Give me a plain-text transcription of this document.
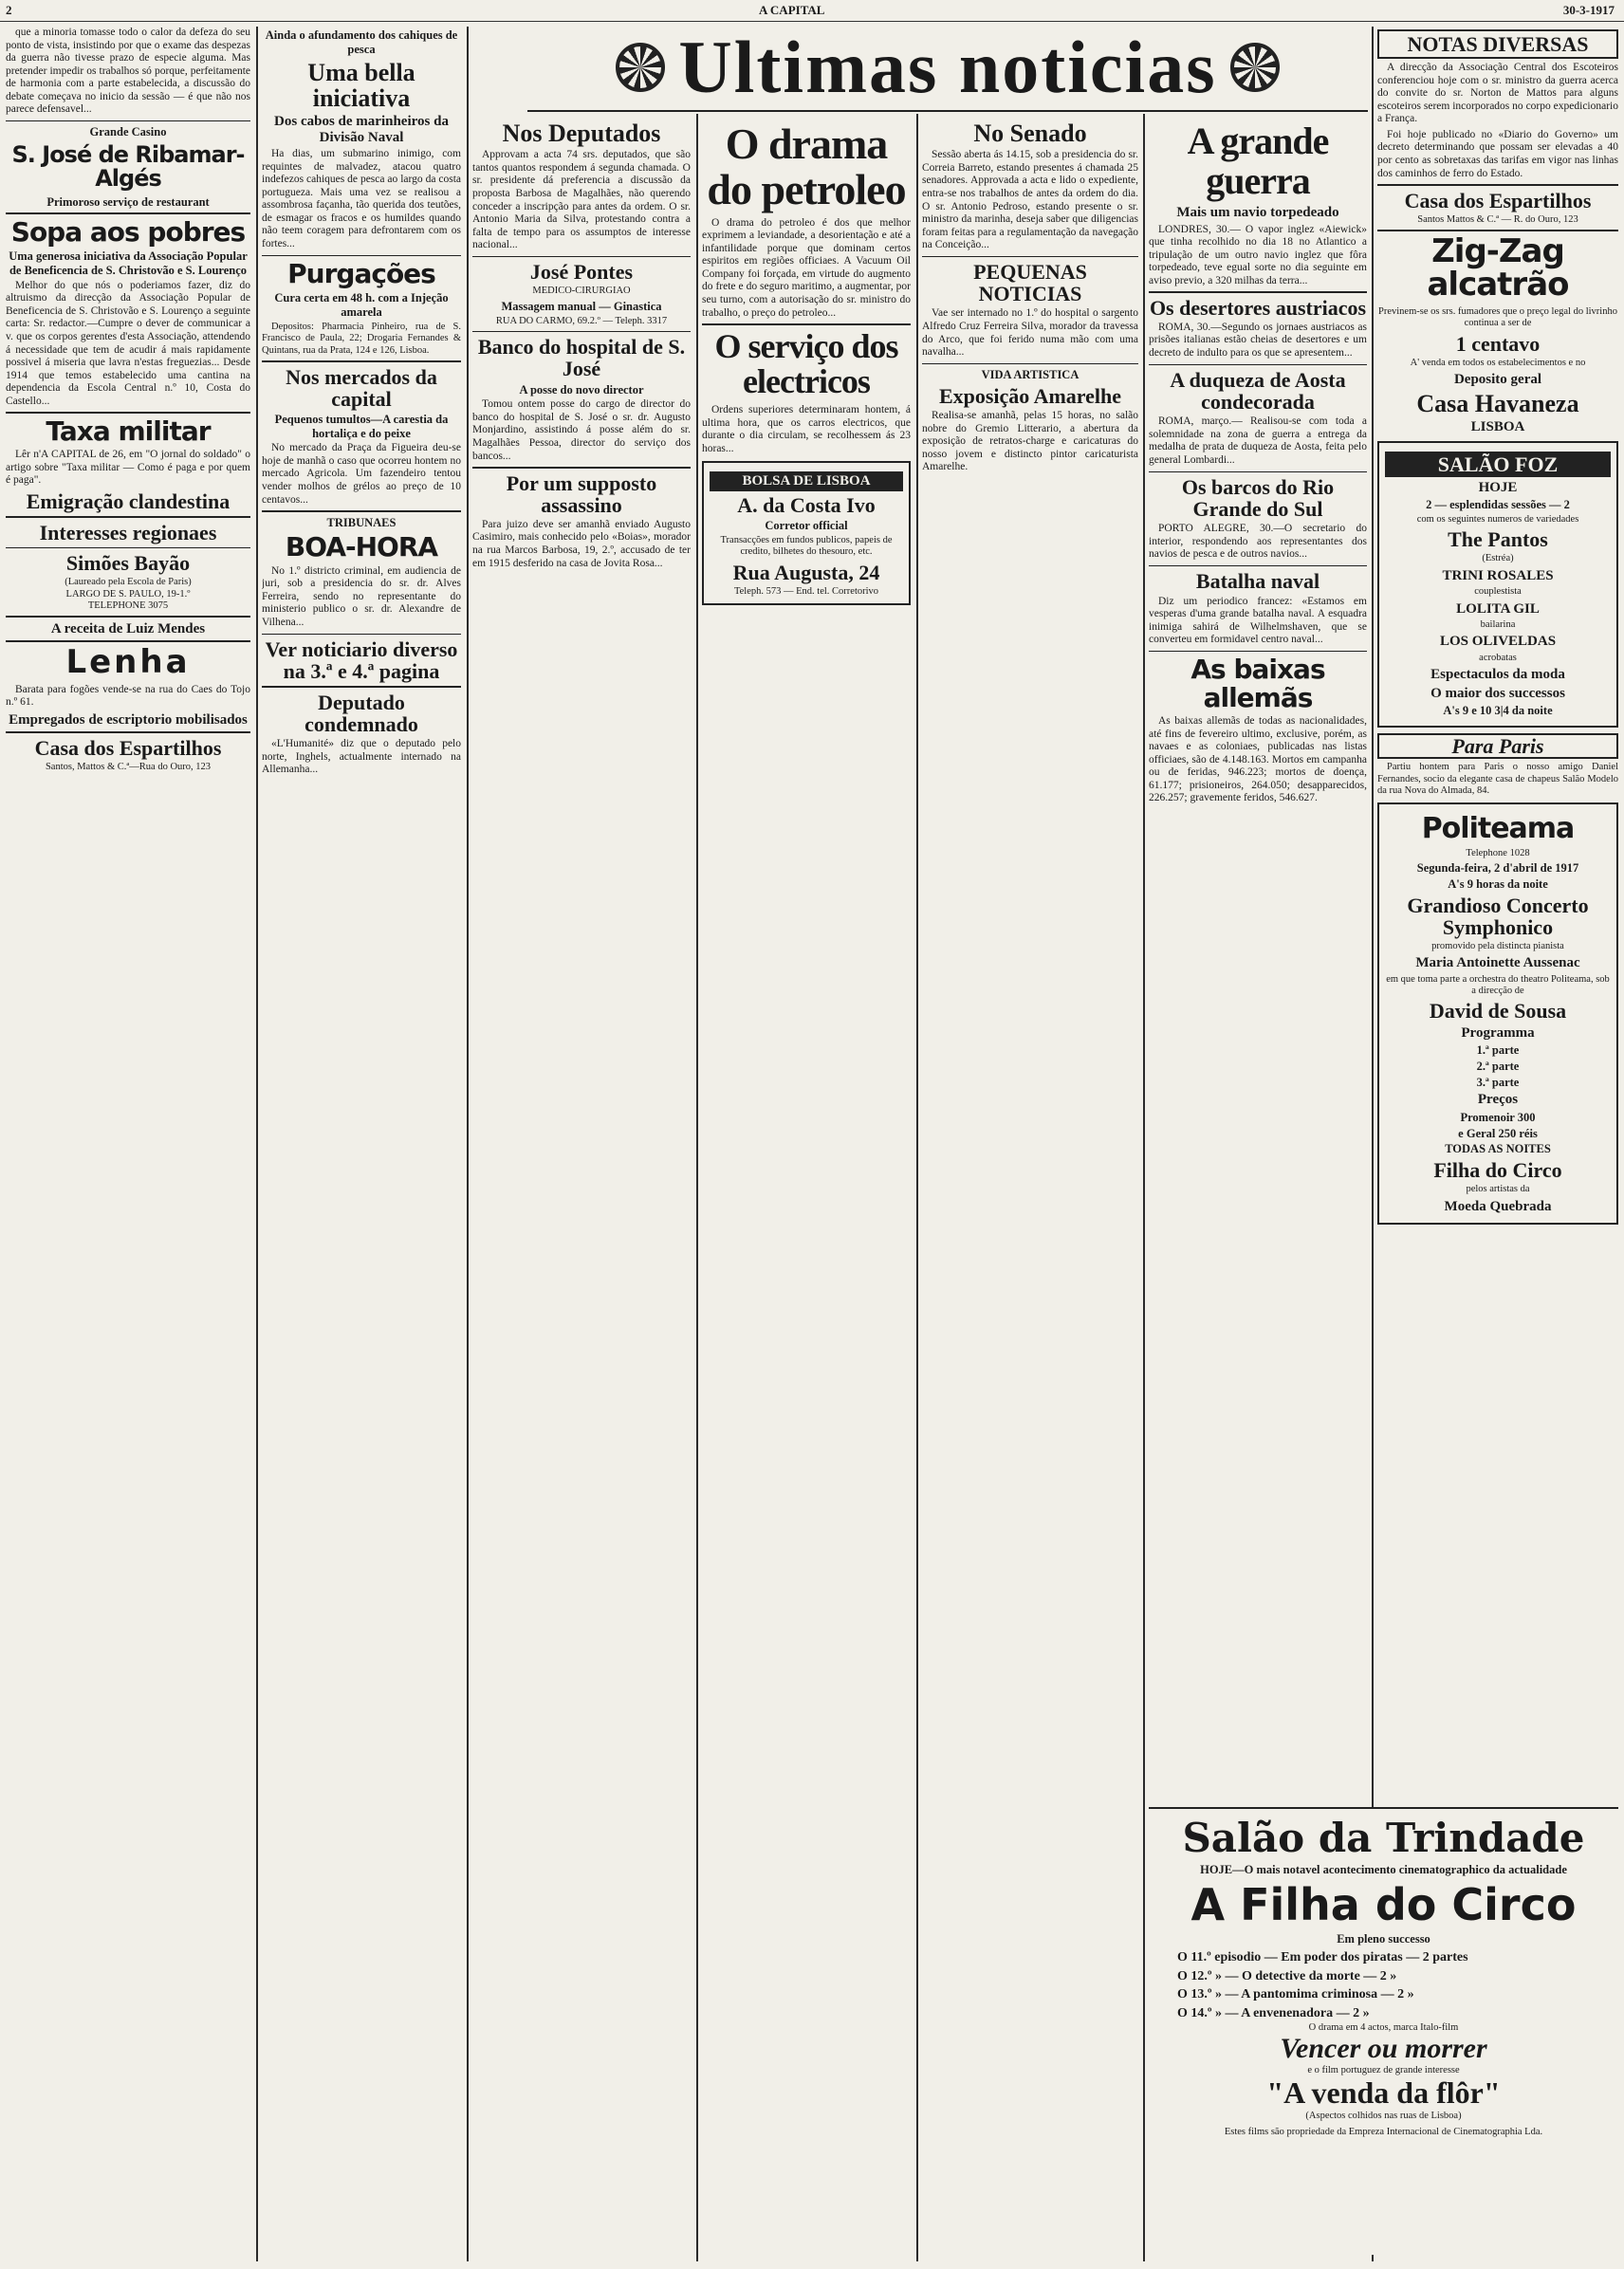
2	A CAPITAL	30-3-1917
Ultimas noticias

que a minoria tomasse todo o calor da defeza do seu ponto de vista, insistindo por que o exame das despezas da guerra não tivesse prazo de especie alguma. Mas pretender impedir os trabalhos só porque, perfeitamente de harmonia com a parte estabelecida, a discussão do debate começava no inicio da sessão — é que não nos parece defensavel...

Grande Casino
S. José de Ribamar-Algés
Primoroso serviço de restaurant
Sopa aos pobres
Uma generosa iniciativa da Associação Popular de Beneficencia de S. Christovão e S. Lourenço

Melhor do que nós o poderiamos fazer, diz do altruismo da direcção da Associação Popular de Beneficencia de S. Christovão e S. Lourenço a seguinte carta: Sr. redactor.—Cumpre o dever de communicar a v. que os corpos gerentes d'esta Associação, attendendo á necessidade que tem de acudir á mais rapidamente possivel á miseria que lavra n'estas freguezias... Desde 1914 que temos estabelecido uma cantina na dependencia da Escola Central n.º 10, Costa do Castello...

Taxa militar

Lêr n'A CAPITAL de 26, em "O jornal do soldado" o artigo sobre "Taxa militar — Como é paga e por quem é paga".

Emigração clandestina
Interesses regionaes
Simões Bayão
(Laureado pela Escola de Paris)
LARGO DE S. PAULO, 19-1.º
TELEPHONE 3075
A receita de Luiz Mendes
Lenha

Barata para fogões vende-se na rua do Caes do Tojo n.º 61.

Empregados de escriptorio mobilisados
Casa dos Espartilhos
Santos, Mattos & C.ª—Rua do Ouro, 123
Ainda o afundamento dos cahiques de pesca
Uma bella iniciativa
Dos cabos de marinheiros da Divisão Naval

Ha dias, um submarino inimigo, com requintes de malvadez, atacou quatro indefezos cahiques de pesca ao largo da costa portugueza. Mais uma vez se realisou a assombrosa façanha, tão querida dos teutões, de esmagar os fracos e os humildes quando não teem coragem para defrontarem com os fortes...

Purgações
Cura certa em 48 h. com a Injeção amarela

Depositos: Pharmacia Pinheiro, rua de S. Francisco de Paula, 22; Drogaria Fernandes & Quintans, rua da Prata, 124 e 126, Lisboa.

Nos mercados da capital
Pequenos tumultos—A carestia da hortaliça e do peixe

No mercado da Praça da Figueira deu-se hoje de manhã o caso que ocorreu hontem no mercado Agricola. Um fazendeiro tentou vender molhos de grélos ao preço de 10 centavos...

TRIBUNAES
BOA-HORA

No 1.º districto criminal, em audiencia de juri, sob a presidencia do sr. dr. Alves Ferreira, sendo no representante do ministerio publico o sr. dr. Alexandre de Vilhena...

Ver noticiario diverso na 3.ª e 4.ª pagina
Deputado condemnado

«L'Humanité» diz que o deputado pelo norte, Inghels, actualmente internado na Allemanha...

Nos Deputados

Approvam a acta 74 srs. deputados, que são tantos quantos respondem á segunda chamada. O sr. presidente dá preferencia a discussão da proposta Barbosa de Magalhães, não querendo conceder a inscripção para antes da ordem. O sr. Antonio Maria da Silva, protestando contra a falta de tempo para os assumptos de interesse nacional...

José Pontes
MEDICO-CIRURGIAO
Massagem manual — Ginastica
RUA DO CARMO, 69.2.º — Teleph. 3317
Banco do hospital de S. José
A posse do novo director

Tomou ontem posse do cargo de director do banco do hospital de S. José o sr. dr. Augusto Monjardino, assistindo á posse além do sr. Magalhães Pessoa, director do serviço dos bancos...

Por um supposto assassino

Para juizo deve ser amanhã enviado Augusto Casimiro, mais conhecido pelo «Boias», morador na rua Marcos Barbosa, 19, 2.º, accusado de ter em 1915 desferido na casa de Jovita Rosa...

O drama do petroleo

O drama do petroleo é dos que melhor exprimem a leviandade, a desorientação e até a infantilidade porque que dominam certos espiritos em regiões officiaes. A Vacuum Oil Company foi forçada, em virtude do augmento do frete e do seguro maritimo, a augmentar, por seu turno, com a autorisação do sr. ministro do trabalho, o preço do petroleo...

O serviço dos electricos

Ordens superiores determinaram hontem, á ultima hora, que os carros electricos, que durante o dia circulam, se recolhessem ás 23 horas...

BOLSA DE LISBOA
A. da Costa Ivo
Corretor official
Transacções em fundos publicos, papeis de credito, bilhetes do thesouro, etc.
Rua Augusta, 24
Teleph. 573 — End. tel. Corretorivo
No Senado

Sessão aberta ás 14.15, sob a presidencia do sr. Correia Barreto, estando presentes á chamada 25 senadores. Approvada a acta e lido o expediente, entra-se nos trabalhos de antes da ordem do dia. O sr. Antonio Pedroso, estando presente o sr. ministro da marinha, deseja saber que diligencias foram feitas para a regulamentação da navegação na Conceição...

PEQUENAS NOTICIAS

Vae ser internado no 1.º do hospital o sargento Alfredo Cruz Ferreira Silva, morador da travessa do Arco, que foi ferido numa mão com uma navalha...

VIDA ARTISTICA
Exposição Amarelhe

Realisa-se amanhã, pelas 15 horas, no salão nobre do Gremio Litterario, a abertura da exposição de retratos-charge e caricaturas do nosso jovem e distincto pintor caricaturista Amarelhe.

A grande guerra
Mais um navio torpedeado

LONDRES, 30.— O vapor inglez «Aiewick» que tinha recolhido no dia 18 no Atlantico a tripulação de um outro navio inglez que fôra torpedeado, teve egual sorte no dia seguinte em aviso previo, a 320 milhas da terra...

Os desertores austriacos

ROMA, 30.—Segundo os jornaes austriacos as prisões italianas estão cheias de desertores e um decreto de indulto para os que se apresentem...

A duqueza de Aosta condecorada

ROMA, março.— Realisou-se com toda a solemnidade na zona de guerra a entrega da medalha de prata de duqueza de Aosta, feita pelo general Lombardi...

Os barcos do Rio Grande do Sul

PORTO ALEGRE, 30.—O secretario do interior, respondendo aos representantes dos navios de pesca e de outros navios...

Batalha naval

Diz um periodico francez: «Estamos em vesperas d'uma grande batalha naval. A esquadra inimiga sahirá de Wilhelmshaven, que se converteu em formidavel centro naval...

As baixas allemãs

As baixas allemãs de todas as nacionalidades, até fins de fevereiro ultimo, exclusive, porém, as navaes e as coloniaes, publicadas nas listas officiaes, são de 4.148.163. Mortos em campanha ou de feridas, 946.223; mortos de doença, 61.177; prisioneiros, 264.050; desapparecidos, 226.257; gravemente feridos, 546.627.

NOTAS DIVERSAS

A direcção da Associação Central dos Escoteiros conferenciou hoje com o sr. ministro da guerra acerca do convite do sr. Norton de Mattos para alguns escoteiros serem incorporados no corpo expedicionario a França.

Foi hoje publicado no «Diario do Governo» um decreto determinando que possam ser elevadas a 40 por cento as sobretaxas das tarifas em vigor nas linhas dos caminhos de ferro do Estado.

Casa dos Espartilhos
Santos Mattos & C.ª — R. do Ouro, 123
Zig-Zag alcatrão
Previnem-se os srs. fumadores que o preço legal do livrinho continua a ser de
1 centavo
A' venda em todos os estabelecimentos e no
Deposito geral
Casa Havaneza
LISBOA
SALÃO FOZ
HOJE
2 — esplendidas sessões — 2
com os seguintes numeros de variedades
The Pantos
(Estréa)
TRINI ROSALES
couplestista
LOLITA GIL
bailarina
LOS OLIVELDAS
acrobatas
Espectaculos da moda
O maior dos successos
A's 9 e 10 3|4 da noite
Para Paris

Partiu hontem para Paris o nosso amigo Daniel Fernandes, socio da elegante casa de chapeus Salão Modelo da rua Nova do Almada, 84.

Politeama
Telephone 1028
Segunda-feira, 2 d'abril de 1917
A's 9 horas da noite
Grandioso Concerto Symphonico
promovido pela distincta pianista
Maria Antoinette Aussenac
em que toma parte a orchestra do theatro Politeama, sob a direcção de
David de Sousa
Programma
1.ª parte
2.ª parte
3.ª parte
Preços
Promenoir 300
e Geral 250 réis
TODAS AS NOITES
Filha do Circo
pelos artistas da
Moeda Quebrada
Salão da Trindade
HOJE—O mais notavel acontecimento cinematographico da actualidade
A Filha do Circo
Em pleno successo
O 11.º episodio — Em poder dos piratas — 2 partes
O 12.º » — O detective da morte — 2 »
O 13.º » — A pantomima criminosa — 2 »
O 14.º » — A envenenadora — 2 »
O drama em 4 actos, marca Italo-film
Vencer ou morrer
e o film portuguez de grande interesse
"A venda da flôr"
(Aspectos colhidos nas ruas de Lisboa)
Estes films são propriedade da Empreza Internacional de Cinematographia Lda.
